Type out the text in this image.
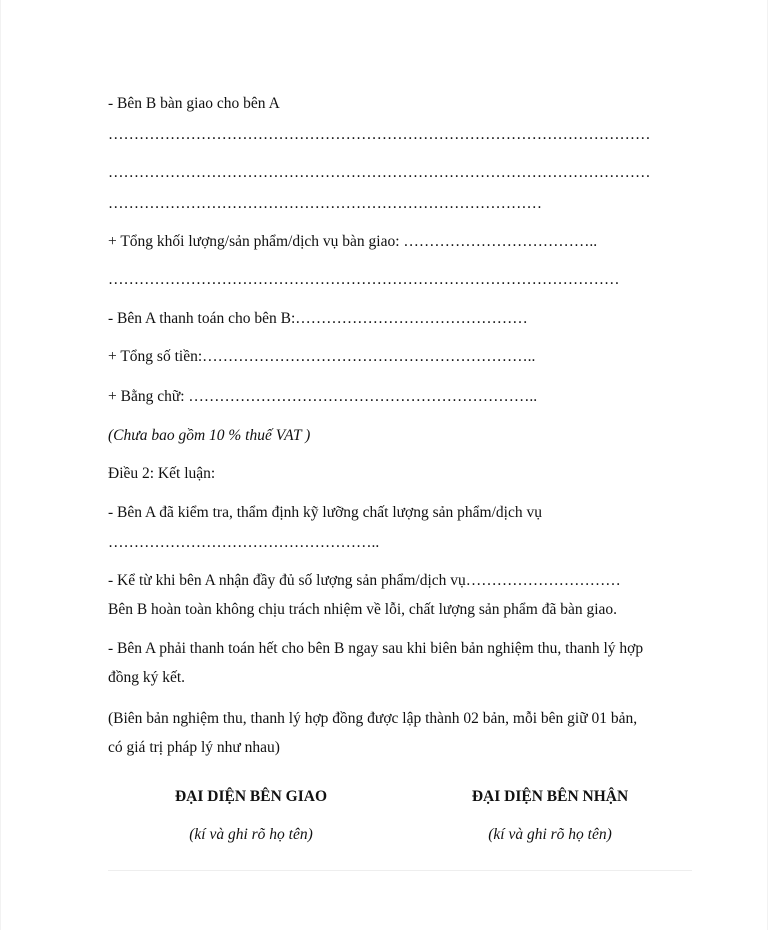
- Bên B bàn giao cho bên A

……………………………………………………………………………………………

……………………………………………………………………………………………

…………………………………………………………………………

+ Tổng khối lượng/sản phẩm/dịch vụ bàn giao: ………………………………..

………………………………………………………………………………………

- Bên A thanh toán cho bên B:………………………………………

+ Tổng số tiền:………………………………………………………..

+ Bằng chữ: …………………………………………………………..

(Chưa bao gồm 10 % thuế VAT )

Điều 2: Kết luận:

- Bên A đã kiểm tra, thẩm định kỹ lưỡng chất lượng sản phẩm/dịch vụ

……………………………………………..

- Kể từ khi bên A nhận đầy đủ số lượng sản phẩm/dịch vụ…………………………

Bên B hoàn toàn không chịu trách nhiệm về lỗi, chất lượng sản phẩm đã bàn giao.

- Bên A phải thanh toán hết cho bên B ngay sau khi biên bản nghiệm thu, thanh lý hợp

đồng ký kết.

(Biên bản nghiệm thu, thanh lý hợp đồng được lập thành 02 bản, mỗi bên giữ 01 bản,

có giá trị pháp lý như nhau)

ĐẠI DIỆN BÊN GIAO
(kí và ghi rõ họ tên)
ĐẠI DIỆN BÊN NHẬN
(kí và ghi rõ họ tên)
